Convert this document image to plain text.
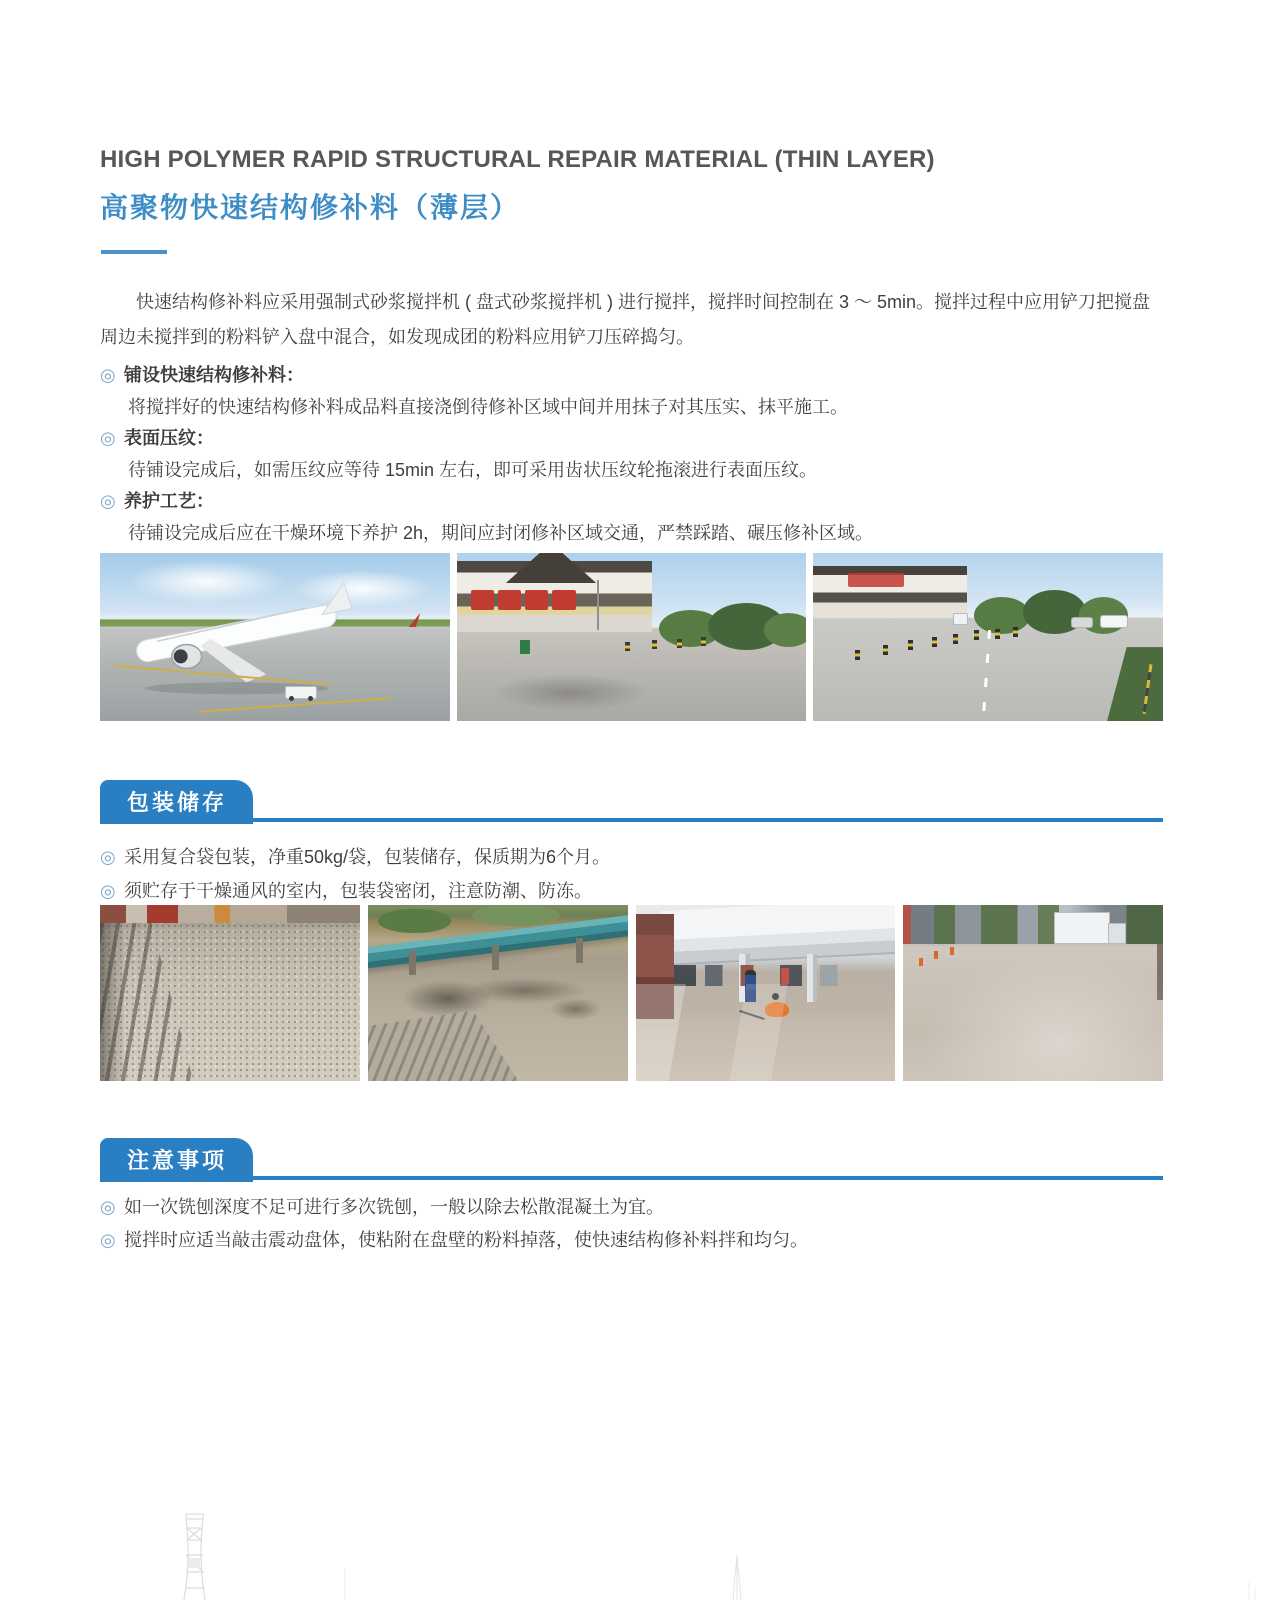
HIGH POLYMER RAPID STRUCTURAL REPAIR MATERIAL (THIN LAYER)
高聚物快速结构修补料（薄层）

快速结构修补料应采用强制式砂浆搅拌机 ( 盘式砂浆搅拌机 ) 进行搅拌，搅拌时间控制在 3 ～ 5min。搅拌过程中应用铲刀把搅盘周边未搅拌到的粉料铲入盘中混合，如发现成团的粉料应用铲刀压碎捣匀。

◎ 铺设快速结构修补料：
将搅拌好的快速结构修补料成品料直接浇倒待修补区域中间并用抹子对其压实、抹平施工。
◎ 表面压纹：
待铺设完成后，如需压纹应等待 15min 左右，即可采用齿状压纹轮拖滚进行表面压纹。
◎ 养护工艺：
待铺设完成后应在干燥环境下养护 2h，期间应封闭修补区域交通，严禁踩踏、碾压修补区域。
包装储存
◎ 采用复合袋包装，净重50kg/袋，包装储存，保质期为6个月。
◎ 须贮存于干燥通风的室内，包装袋密闭，注意防潮、防冻。
注意事项
◎ 如一次铣刨深度不足可进行多次铣刨，一般以除去松散混凝土为宜。
◎ 搅拌时应适当敲击震动盘体，使粘附在盘壁的粉料掉落，使快速结构修补料拌和均匀。
